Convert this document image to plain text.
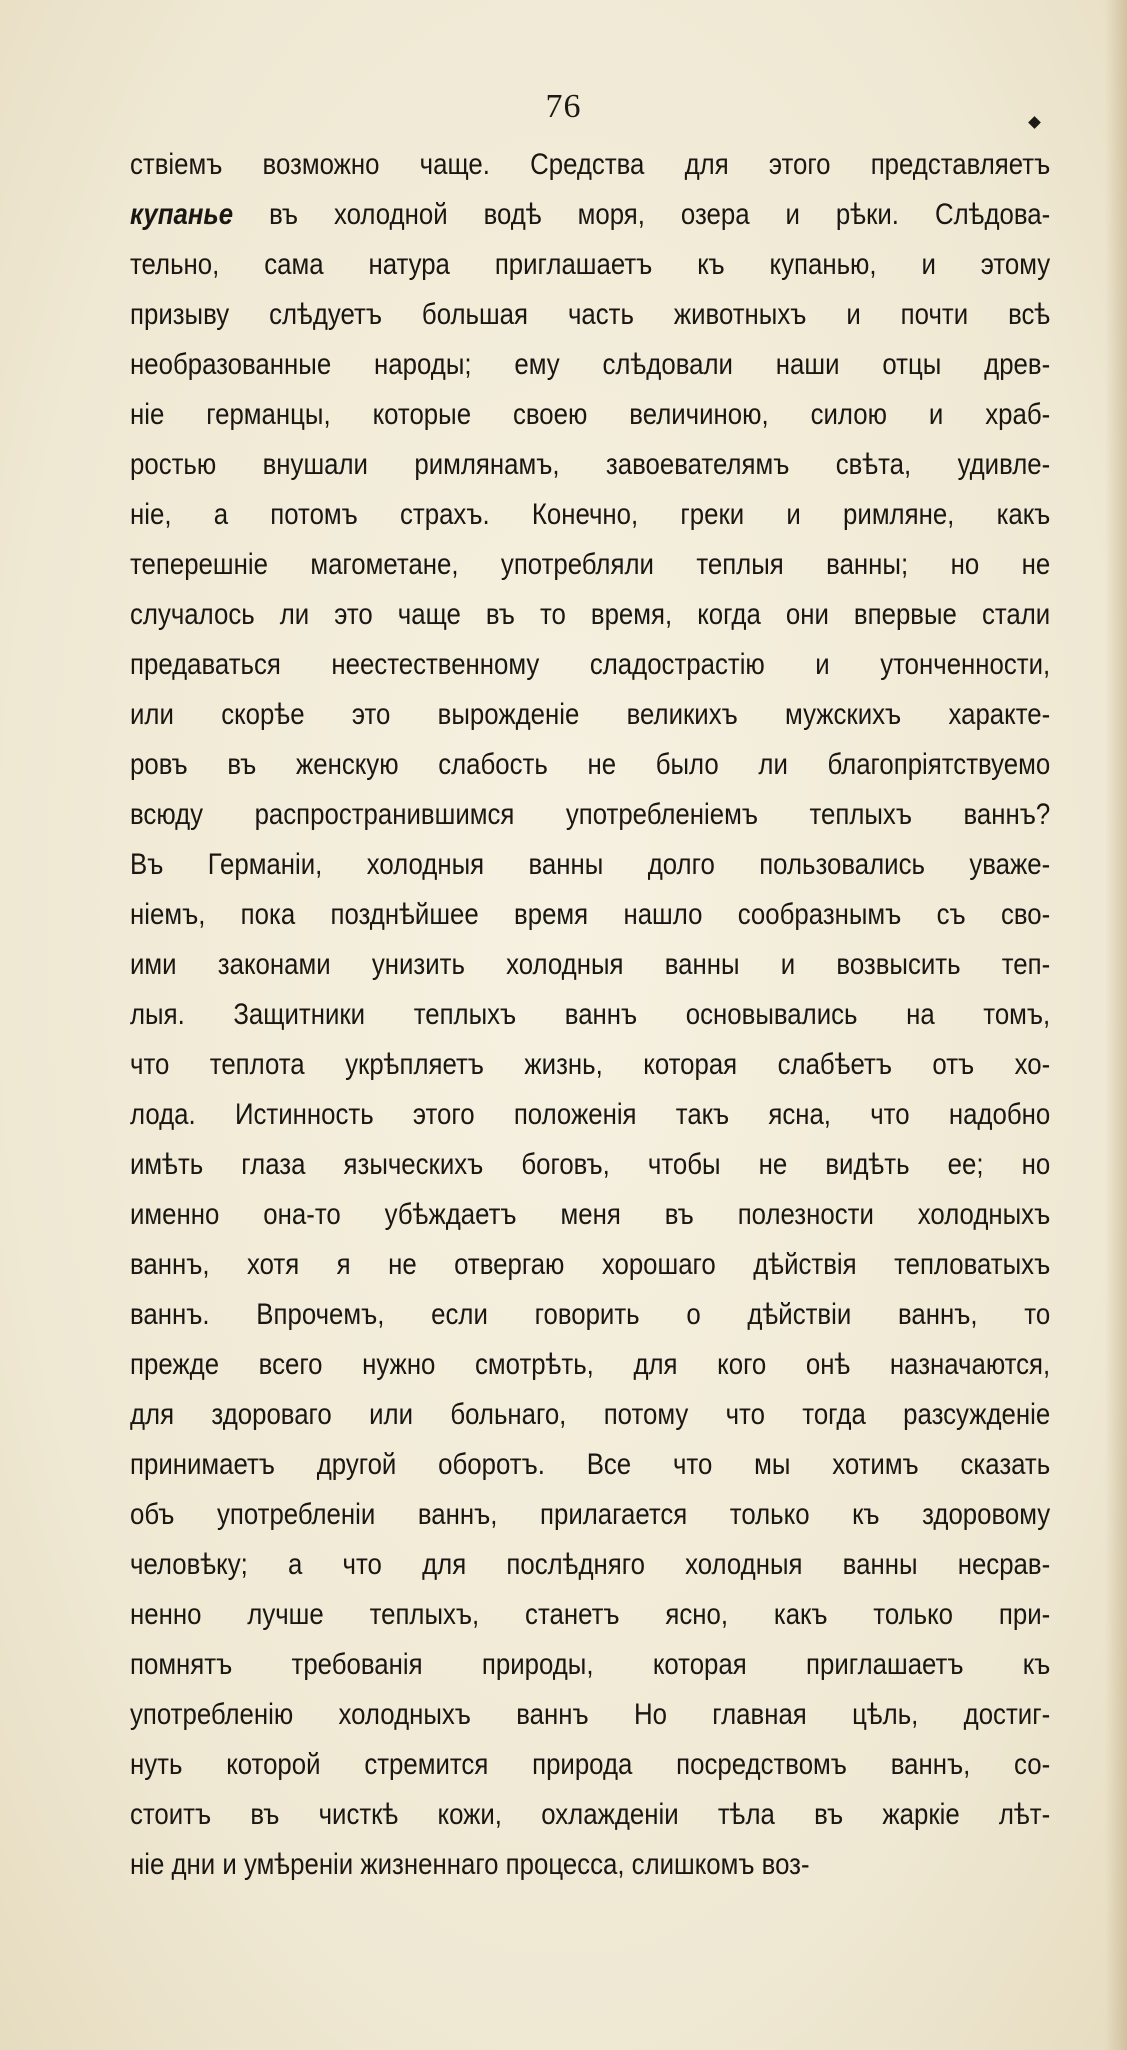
76
ствіемъ возможно чаще. Средства для этого представляетъ
купанье въ холодной водѣ моря, озера и рѣки. Слѣдова-
тельно, сама натура приглашаетъ къ купанью, и этому
призыву слѣдуетъ большая часть животныхъ и почти всѣ
необразованные народы; ему слѣдовали наши отцы древ-
ніе германцы, которые своею величиною, силою и храб-
ростью внушали римлянамъ, завоевателямъ свѣта, удивле-
ніе, а потомъ страхъ. Конечно, греки и римляне, какъ
теперешніе магометане, употребляли теплыя ванны; но не
случалось ли это чаще въ то время, когда они впервые стали
предаваться неестественному сладострастію и утонченности,
или скорѣе это вырожденіе великихъ мужскихъ характе-
ровъ въ женскую слабость не было ли благопріятствуемо
всюду распространившимся употребленіемъ теплыхъ ваннъ?
Въ Германіи, холодныя ванны долго пользовались уваже-
ніемъ, пока позднѣйшее время нашло сообразнымъ съ сво-
ими законами унизить холодныя ванны и возвысить теп-
лыя. Защитники теплыхъ ваннъ основывались на томъ,
что теплота укрѣпляетъ жизнь, которая слабѣетъ отъ хо-
лода. Истинность этого положенія такъ ясна, что надобно
имѣть глаза языческихъ боговъ, чтобы не видѣть ее; но
именно она-то убѣждаетъ меня въ полезности холодныхъ
ваннъ, хотя я не отвергаю хорошаго дѣйствія тепловатыхъ
ваннъ. Впрочемъ, если говорить о дѣйствіи ваннъ, то
прежде всего нужно смотрѣть, для кого онѣ назначаются,
для здороваго или больнаго, потому что тогда разсужденіе
принимаетъ другой оборотъ. Все что мы хотимъ сказать
объ употребленіи ваннъ, прилагается только къ здоровому
человѣку; а что для послѣдняго холодныя ванны несрав-
ненно лучше теплыхъ, станетъ ясно, какъ только при-
помнятъ требованія природы, которая приглашаетъ къ
употребленію холодныхъ ваннъ Но главная цѣль, достиг-
нуть которой стремится природа посредствомъ ваннъ, со-
стоитъ въ чисткѣ кожи, охлажденіи тѣла въ жаркіе лѣт-
ніе дни и умѣреніи жизненнаго процесса, слишкомъ воз-
